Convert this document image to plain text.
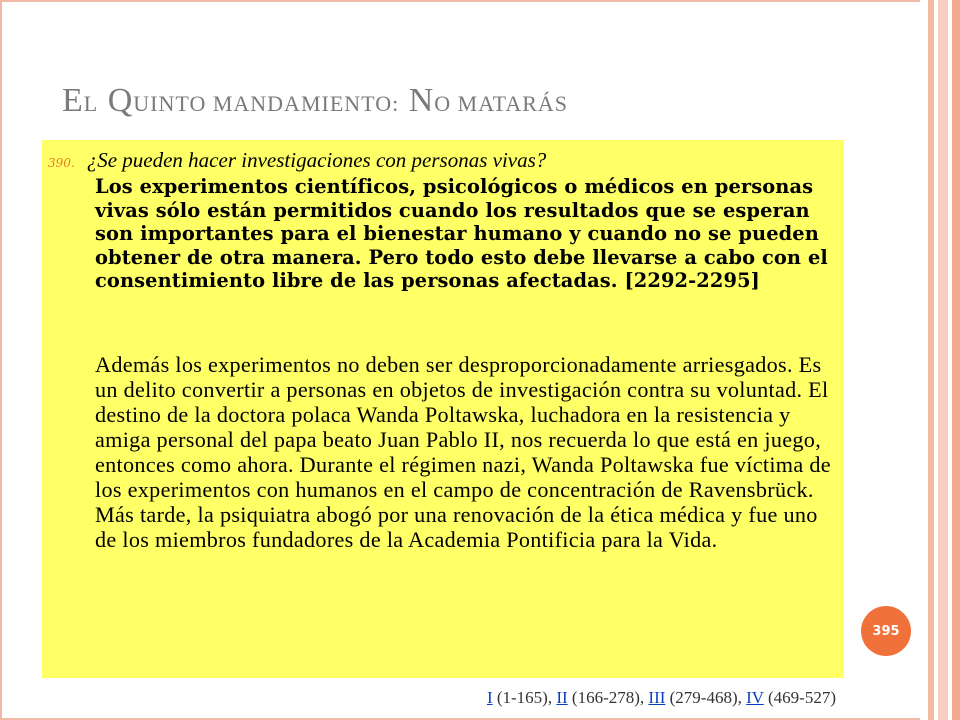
EL QUINTO MANDAMIENTO: NO MATARÁS
390. ¿Se pueden hacer investigaciones con personas vivas?
Los experimentos científicos, psicológicos o médicos en personas vivas sólo están permitidos cuando los resultados que se esperan son importantes para el bienestar humano y cuando no se pueden obtener de otra manera. Pero todo esto debe llevarse a cabo con el consentimiento libre de las personas afectadas. [2292-2295]
Además los experimentos no deben ser desproporcionadamente arriesgados. Es un delito convertir a personas en objetos de investigación contra su voluntad. El destino de la doctora polaca Wanda Poltawska, luchadora en la resistencia y amiga personal del papa beato Juan Pablo II, nos recuerda lo que está en juego, entonces como ahora. Durante el régimen nazi, Wanda Poltawska fue víctima de los experimentos con humanos en el campo de concentración de Ravensbrück. Más tarde, la psiquiatra abogó por una renovación de la ética médica y fue uno de los miembros fundadores de la Academia Pontificia para la Vida.
395
I (1-165), II (166-278), III (279-468), IV (469-527)
